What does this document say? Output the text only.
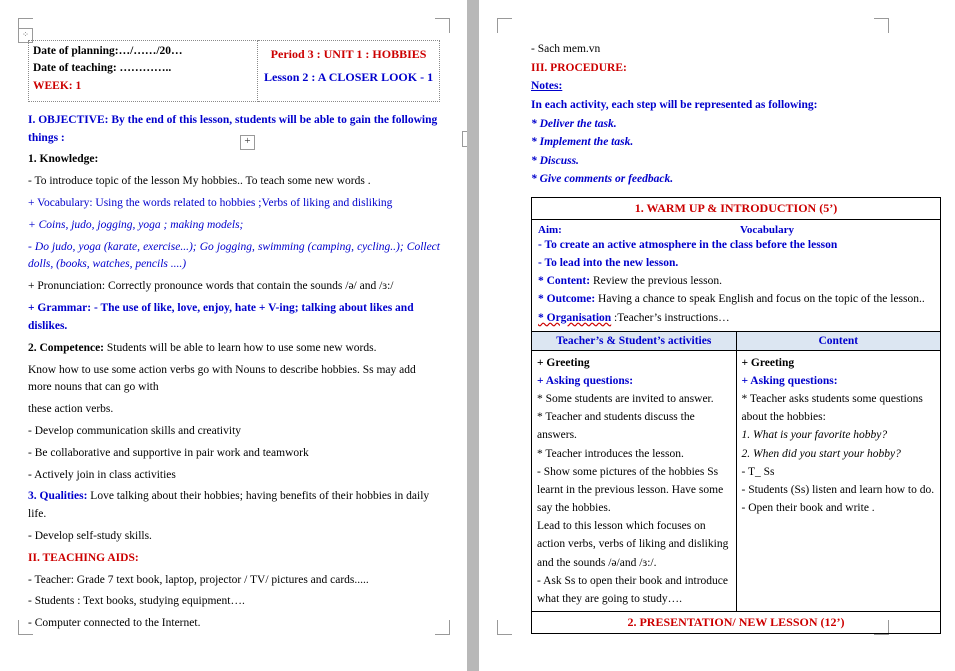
⁘
Date of planning:…/……/20…
Date of teaching: …………..
WEEK: 1

Period 3 : UNIT 1 : HOBBIES
Lesson 2 : A CLOSER LOOK - 1
I. OBJECTIVE: By the end of this lesson, students will be able to gain the following things :
1. Knowledge:
- To introduce topic of the lesson My hobbies.. To teach some new words .
+ Vocabulary: Using the words related to hobbies ;Verbs of liking and disliking
+ Coins, judo, jogging, yoga ; making models;
- Do judo, yoga (karate, exercise...); Go jogging, swimming (camping, cycling..); Collect dolls, (books, watches, pencils ....)
+ Pronunciation: Correctly pronounce words that contain the sounds /ə/ and /ɜ:/
+ Grammar: - The use of like, love, enjoy, hate + V-ing; talking about likes and dislikes.
2. Competence: Students will be able to learn how to use some new words.
Know how to use some action verbs go with Nouns to describe hobbies. Ss may add more nouns that can go with
these action verbs.
- Develop communication skills and creativity
- Be collaborative and supportive in pair work and teamwork
- Actively join in class activities
3. Qualities: Love talking about their hobbies; having benefits of their hobbies in daily life.
- Develop self-study skills.
II. TEACHING AIDS:
- Teacher: Grade 7 text book, laptop, projector / TV/ pictures and cards.....
- Students : Text books, studying equipment….
- Computer connected to the Internet.
+
- Sach mem.vn
III. PROCEDURE:
Notes:
In each activity, each step will be represented as following:
* Deliver the task.
* Implement the task.
* Discuss.
* Give comments or feedback.
1. WARM UP & INTRODUCTION (5’)	

Aim:	Vocabulary
- To create an active atmosphere in the class before the lesson
- To lead into the new lesson.
* Content: Review the previous lesson.
* Outcome: Having a chance to speak English and focus on the topic of the lesson..
* Organisation :Teacher’s instructions…

Teacher’s & Student’s activities	Content

+ Greeting
+ Asking questions:
* Some students are invited to answer.
* Teacher and students discuss the answers.
* Teacher introduces the lesson.
- Show some pictures of the hobbies Ss learnt in the previous lesson. Have some say the hobbies.
Lead to this lesson which focuses on action verbs, verbs of liking and disliking and the sounds /ə/and /ɜ:/.
- Ask Ss to open their book and introduce what they are going to study….

+ Greeting
+ Asking questions:
* Teacher asks students some questions about the hobbies:
1. What is your favorite hobby?
2. When did you start your hobby?
- T_ Ss
- Students (Ss) listen and learn how to do.
- Open their book and write .

2. PRESENTATION/ NEW LESSON (12’)	
